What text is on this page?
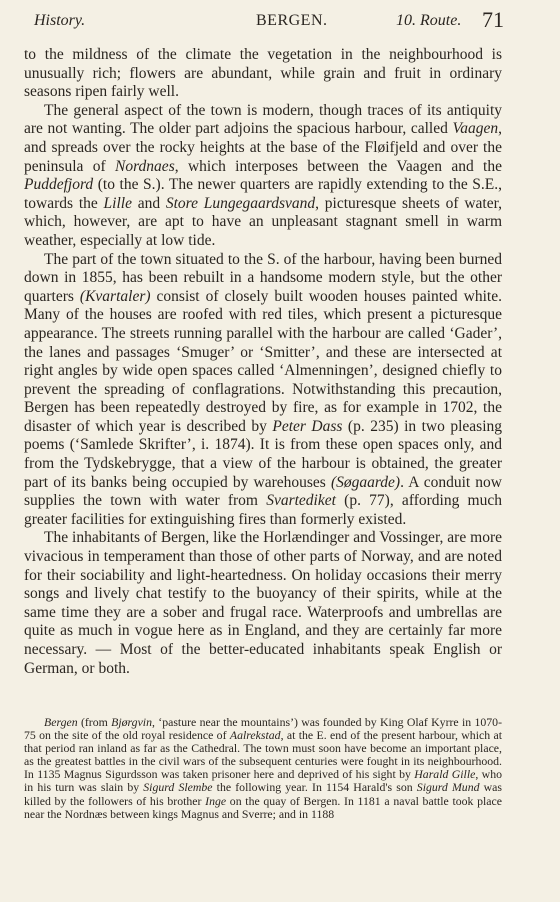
History.	BERGEN.	10. Route. 71

to the mildness of the climate the vegetation in the neighbourhood is unusually rich; flowers are abundant, while grain and fruit in ordinary seasons ripen fairly well.

The general aspect of the town is modern, though traces of its antiquity are not wanting. The older part adjoins the spacious harbour, called Vaagen, and spreads over the rocky heights at the base of the Fløifjeld and over the peninsula of Nordnaes, which interposes between the Vaagen and the Puddefjord (to the S.). The newer quarters are rapidly extending to the S.E., towards the Lille and Store Lungegaardsvand, picturesque sheets of water, which, however, are apt to have an unpleasant stagnant smell in warm weather, especially at low tide.

The part of the town situated to the S. of the harbour, having been burned down in 1855, has been rebuilt in a handsome modern style, but the other quarters (Kvartaler) consist of closely built wooden houses painted white. Many of the houses are roofed with red tiles, which present a picturesque appearance. The streets running parallel with the harbour are called ‘Gader’, the lanes and passages ‘Smuger’ or ‘Smitter’, and these are intersected at right angles by wide open spaces called ‘Almenningen’, designed chiefly to prevent the spreading of conflagrations. Notwithstanding this precaution, Bergen has been repeatedly destroyed by fire, as for example in 1702, the disaster of which year is described by Peter Dass (p. 235) in two pleasing poems (‘Samlede Skrifter’, i. 1874). It is from these open spaces only, and from the Tydskebrygge, that a view of the harbour is obtained, the greater part of its banks being occupied by warehouses (Søgaarde). A conduit now supplies the town with water from Svartediket (p. 77), affording much greater facilities for extinguishing fires than formerly existed.

The inhabitants of Bergen, like the Horlændinger and Vossinger, are more vivacious in temperament than those of other parts of Norway, and are noted for their sociability and light-heartedness. On holiday occasions their merry songs and lively chat testify to the buoyancy of their spirits, while at the same time they are a sober and frugal race. Waterproofs and umbrellas are quite as much in vogue here as in England, and they are certainly far more necessary. — Most of the better-educated inhabitants speak English or German, or both.

Bergen (from Bjørgvin, ‘pasture near the mountains’) was founded by King Olaf Kyrre in 1070-75 on the site of the old royal residence of Aalrekstad, at the E. end of the present harbour, which at that period ran inland as far as the Cathedral. The town must soon have become an important place, as the greatest battles in the civil wars of the subsequent centuries were fought in its neighbourhood. In 1135 Magnus Sigurdsson was taken prisoner here and deprived of his sight by Harald Gille, who in his turn was slain by Sigurd Slembe the following year. In 1154 Harald's son Sigurd Mund was killed by the followers of his brother Inge on the quay of Bergen. In 1181 a naval battle took place near the Nordnæs between kings Magnus and Sverre; and in 1188
